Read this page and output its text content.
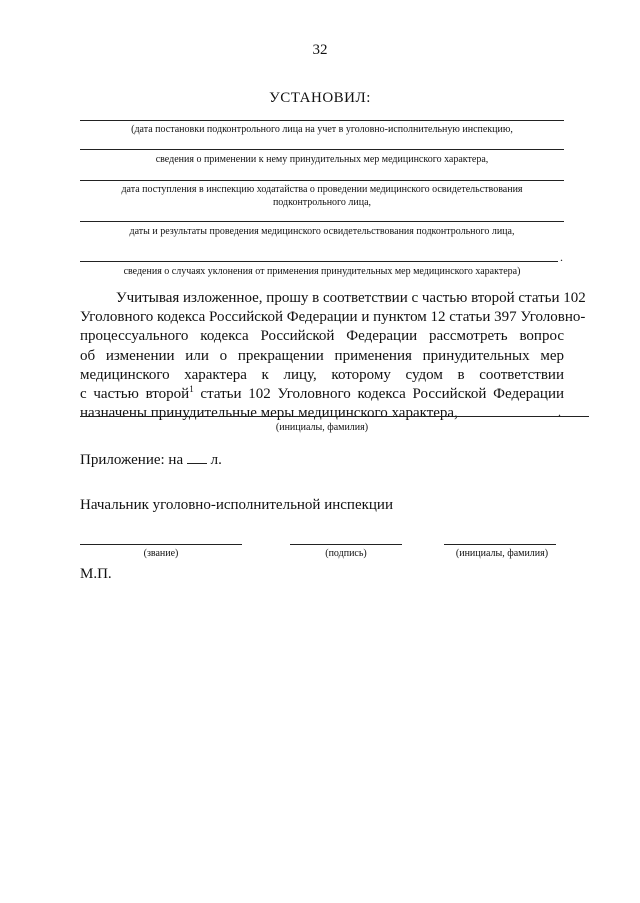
32
УСТАНОВИЛ:
(дата постановки подконтрольного лица на учет в уголовно-исполнительную инспекцию,
сведения о применении к нему принудительных мер медицинского характера,
дата поступления в инспекцию ходатайства о проведении медицинского освидетельствования
подконтрольного лица,
даты и результаты проведения медицинского освидетельствования подконтрольного лица,
.
сведения о случаях уклонения от применения принудительных мер медицинского характера)
Учитывая изложенное, прошу в соответствии с частью второй статьи 102
Уголовного кодекса Российской Федерации и пунктом 12 статьи 397 Уголовно-
процессуального кодекса Российской Федерации рассмотреть вопрос
об изменении или о прекращении применения принудительных мер
медицинского характера к лицу, которому судом в соответствии
с частью второй$^1$ статьи 102 Уголовного кодекса Российской Федерации
назначены принудительные меры медицинского характера,	.
(инициалы, фамилия)
Приложение: на л.
Начальник уголовно-исполнительной инспекции
(звание)	(подпись)	(инициалы, фамилия)
М.П.
